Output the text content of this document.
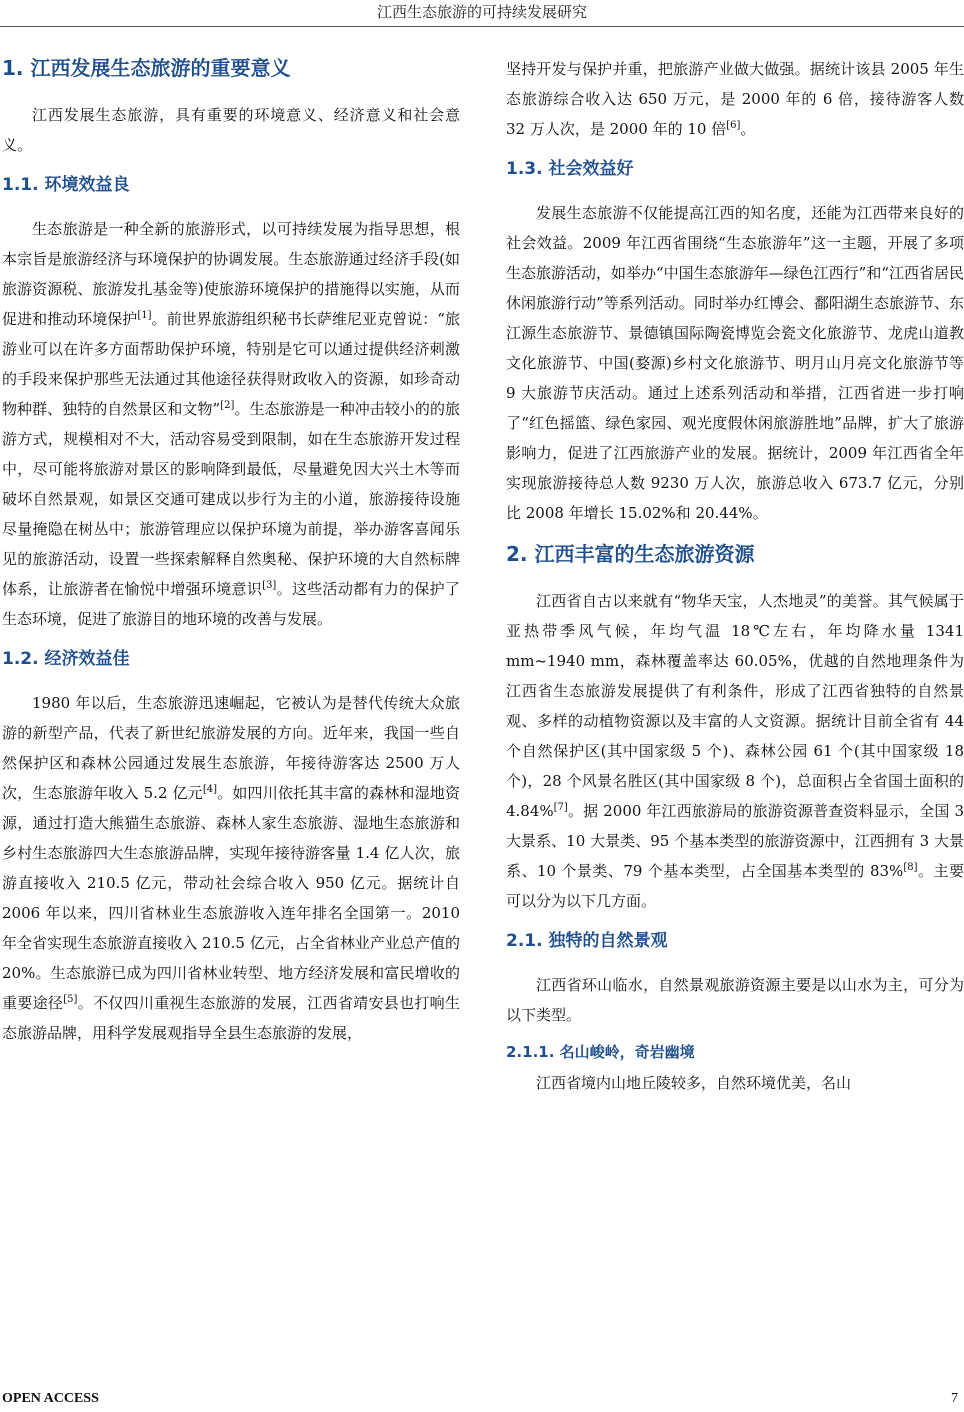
江西生态旅游的可持续发展研究
1. 江西发展生态旅游的重要意义

江西发展生态旅游，具有重要的环境意义、经济意义和社会意义。

1.1. 环境效益良

生态旅游是一种全新的旅游形式，以可持续发展为指导思想，根本宗旨是旅游经济与环境保护的协调发展。生态旅游通过经济手段(如旅游资源税、旅游发扎基金等)使旅游环境保护的措施得以实施，从而促进和推动环境保护[1]。前世界旅游组织秘书长萨维尼亚克曾说：“旅游业可以在许多方面帮助保护环境，特别是它可以通过提供经济刺激的手段来保护那些无法通过其他途径获得财政收入的资源，如珍奇动物种群、独特的自然景区和文物”[2]。生态旅游是一种冲击较小的的旅游方式，规模相对不大，活动容易受到限制，如在生态旅游开发过程中，尽可能将旅游对景区的影响降到最低，尽量避免因大兴土木等而破坏自然景观，如景区交通可建成以步行为主的小道，旅游接待设施尽量掩隐在树丛中；旅游管理应以保护环境为前提，举办游客喜闻乐见的旅游活动，设置一些探索解释自然奥秘、保护环境的大自然标牌体系，让旅游者在愉悦中增强环境意识[3]。这些活动都有力的保护了生态环境，促进了旅游目的地环境的改善与发展。

1.2. 经济效益佳

1980 年以后，生态旅游迅速崛起，它被认为是替代传统大众旅游的新型产品，代表了新世纪旅游发展的方向。近年来，我国一些自然保护区和森林公园通过发展生态旅游，年接待游客达 2500 万人次，生态旅游年收入 5.2 亿元[4]。如四川依托其丰富的森林和湿地资源，通过打造大熊猫生态旅游、森林人家生态旅游、湿地生态旅游和乡村生态旅游四大生态旅游品牌，实现年接待游客量 1.4 亿人次，旅游直接收入 210.5 亿元，带动社会综合收入 950 亿元。据统计自 2006 年以来，四川省林业生态旅游收入连年排名全国第一。2010 年全省实现生态旅游直接收入 210.5 亿元，占全省林业产业总产值的 20%。生态旅游已成为四川省林业转型、地方经济发展和富民增收的重要途径[5]。不仅四川重视生态旅游的发展，江西省靖安县也打响生态旅游品牌，用科学发展观指导全县生态旅游的发展，

坚持开发与保护并重，把旅游产业做大做强。据统计该县 2005 年生态旅游综合收入达 650 万元，是 2000 年的 6 倍，接待游客人数 32 万人次，是 2000 年的 10 倍[6]。

1.3. 社会效益好

发展生态旅游不仅能提高江西的知名度，还能为江西带来良好的社会效益。2009 年江西省围绕“生态旅游年”这一主题，开展了多项生态旅游活动，如举办“中国生态旅游年—绿色江西行”和“江西省居民休闲旅游行动”等系列活动。同时举办红博会、鄱阳湖生态旅游节、东江源生态旅游节、景德镇国际陶瓷博览会瓷文化旅游节、龙虎山道教文化旅游节、中国(婺源)乡村文化旅游节、明月山月亮文化旅游节等 9 大旅游节庆活动。通过上述系列活动和举措，江西省进一步打响了“红色摇篮、绿色家园、观光度假休闲旅游胜地”品牌，扩大了旅游影响力，促进了江西旅游产业的发展。据统计，2009 年江西省全年实现旅游接待总人数 9230 万人次，旅游总收入 673.7 亿元，分别比 2008 年增长 15.02%和 20.44%。

2. 江西丰富的生态旅游资源

江西省自古以来就有“物华天宝，人杰地灵”的美誉。其气候属于亚热带季风气候，年均气温 18℃左右，年均降水量 1341 mm~1940 mm，森林覆盖率达 60.05%，优越的自然地理条件为江西省生态旅游发展提供了有利条件，形成了江西省独特的自然景观、多样的动植物资源以及丰富的人文资源。据统计目前全省有 44 个自然保护区(其中国家级 5 个)、森林公园 61 个(其中国家级 18 个)，28 个风景名胜区(其中国家级 8 个)，总面积占全省国土面积的 4.84%[7]。据 2000 年江西旅游局的旅游资源普查资料显示，全国 3 大景系、10 大景类、95 个基本类型的旅游资源中，江西拥有 3 大景系、10 个景类、79 个基本类型，占全国基本类型的 83%[8]。主要可以分为以下几方面。

2.1. 独特的自然景观

江西省环山临水，自然景观旅游资源主要是以山水为主，可分为以下类型。

2.1.1. 名山峻岭，奇岩幽境

江西省境内山地丘陵较多，自然环境优美，名山

OPEN ACCESS	7
